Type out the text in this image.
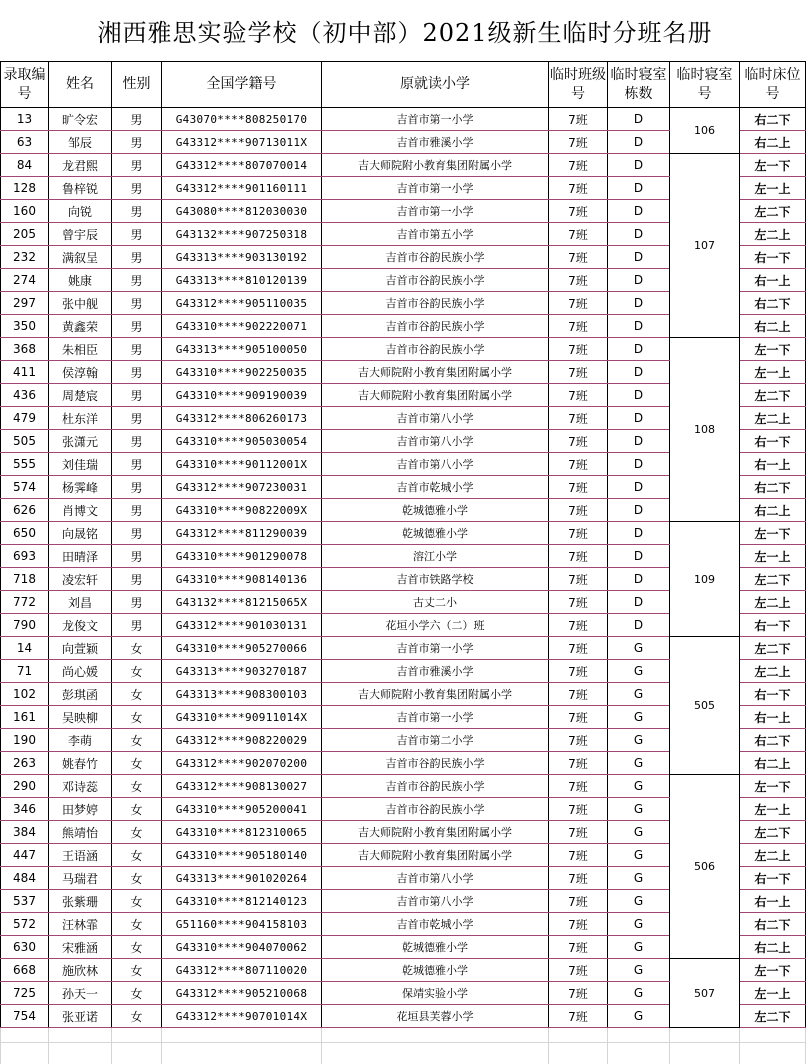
湘西雅思实验学校（初中部）2021级新生临时分班名册
录取编号	姓名	性别	全国学籍号	原就读小学	临时班级号	临时寝室栋数	临时寝室号	临时床位号
13	旷令宏	男	G43070****808250170	吉首市第一小学	7班	D	106	右二下
63	邹辰	男	G43312****90713011X	吉首市雅溪小学	7班	D		右二上
84	龙君熙	男	G43312****807070014	吉大师院附小教育集团附属小学	7班	D	107	左一下
128	鲁梓锐	男	G43312****901160111	吉首市第一小学	7班	D		左一上
160	向锐	男	G43080****812030030	吉首市第一小学	7班	D		左二下
205	曾宇辰	男	G43132****907250318	吉首市第五小学	7班	D		左二上
232	满叙呈	男	G43313****903130192	吉首市谷韵民族小学	7班	D		右一下
274	姚康	男	G43313****810120139	吉首市谷韵民族小学	7班	D		右一上
297	张中舰	男	G43312****905110035	吉首市谷韵民族小学	7班	D		右二下
350	黄鑫荣	男	G43310****902220071	吉首市谷韵民族小学	7班	D		右二上
368	朱相臣	男	G43313****905100050	吉首市谷韵民族小学	7班	D	108	左一下
411	侯淳翰	男	G43310****902250035	吉大师院附小教育集团附属小学	7班	D		左一上
436	周楚宸	男	G43310****909190039	吉大师院附小教育集团附属小学	7班	D		左二下
479	杜东洋	男	G43312****806260173	吉首市第八小学	7班	D		左二上
505	张潇元	男	G43310****905030054	吉首市第八小学	7班	D		右一下
555	刘佳瑞	男	G43310****90112001X	吉首市第八小学	7班	D		右一上
574	杨霁峰	男	G43312****907230031	吉首市乾城小学	7班	D		右二下
626	肖博文	男	G43310****90822009X	乾城德雅小学	7班	D		右二上
650	向晟铭	男	G43312****811290039	乾城德雅小学	7班	D	109	左一下
693	田晴泽	男	G43310****901290078	溶江小学	7班	D		左一上
718	凌宏轩	男	G43310****908140136	吉首市铁路学校	7班	D		左二下
772	刘昌	男	G43132****81215065X	古丈二小	7班	D		左二上
790	龙俊文	男	G43312****901030131	花垣小学六（二）班	7班	D		右一下
14	向萱颖	女	G43310****905270066	吉首市第一小学	7班	G	505	左二下
71	尚心媛	女	G43313****903270187	吉首市雅溪小学	7班	G		左二上
102	彭琪函	女	G43313****908300103	吉大师院附小教育集团附属小学	7班	G		右一下
161	吴映柳	女	G43310****90911014X	吉首市第一小学	7班	G		右一上
190	李萌	女	G43312****908220029	吉首市第二小学	7班	G		右二下
263	姚春竹	女	G43312****902070200	吉首市谷韵民族小学	7班	G		右二上
290	邓诗蕊	女	G43312****908130027	吉首市谷韵民族小学	7班	G	506	左一下
346	田梦婷	女	G43310****905200041	吉首市谷韵民族小学	7班	G		左一上
384	熊靖怡	女	G43310****812310065	吉大师院附小教育集团附属小学	7班	G		左二下
447	王语涵	女	G43310****905180140	吉大师院附小教育集团附属小学	7班	G		左二上
484	马瑞君	女	G43313****901020264	吉首市第八小学	7班	G		右一下
537	张紫珊	女	G43310****812140123	吉首市第八小学	7班	G		右一上
572	汪林霏	女	G51160****904158103	吉首市乾城小学	7班	G		右二下
630	宋雅涵	女	G43310****904070062	乾城德雅小学	7班	G		右二上
668	施欣林	女	G43312****807110020	乾城德雅小学	7班	G	507	左一下
725	孙天一	女	G43312****905210068	保靖实验小学	7班	G		左一上
754	张亚诺	女	G43312****90701014X	花垣县芙蓉小学	7班	G		左二下
